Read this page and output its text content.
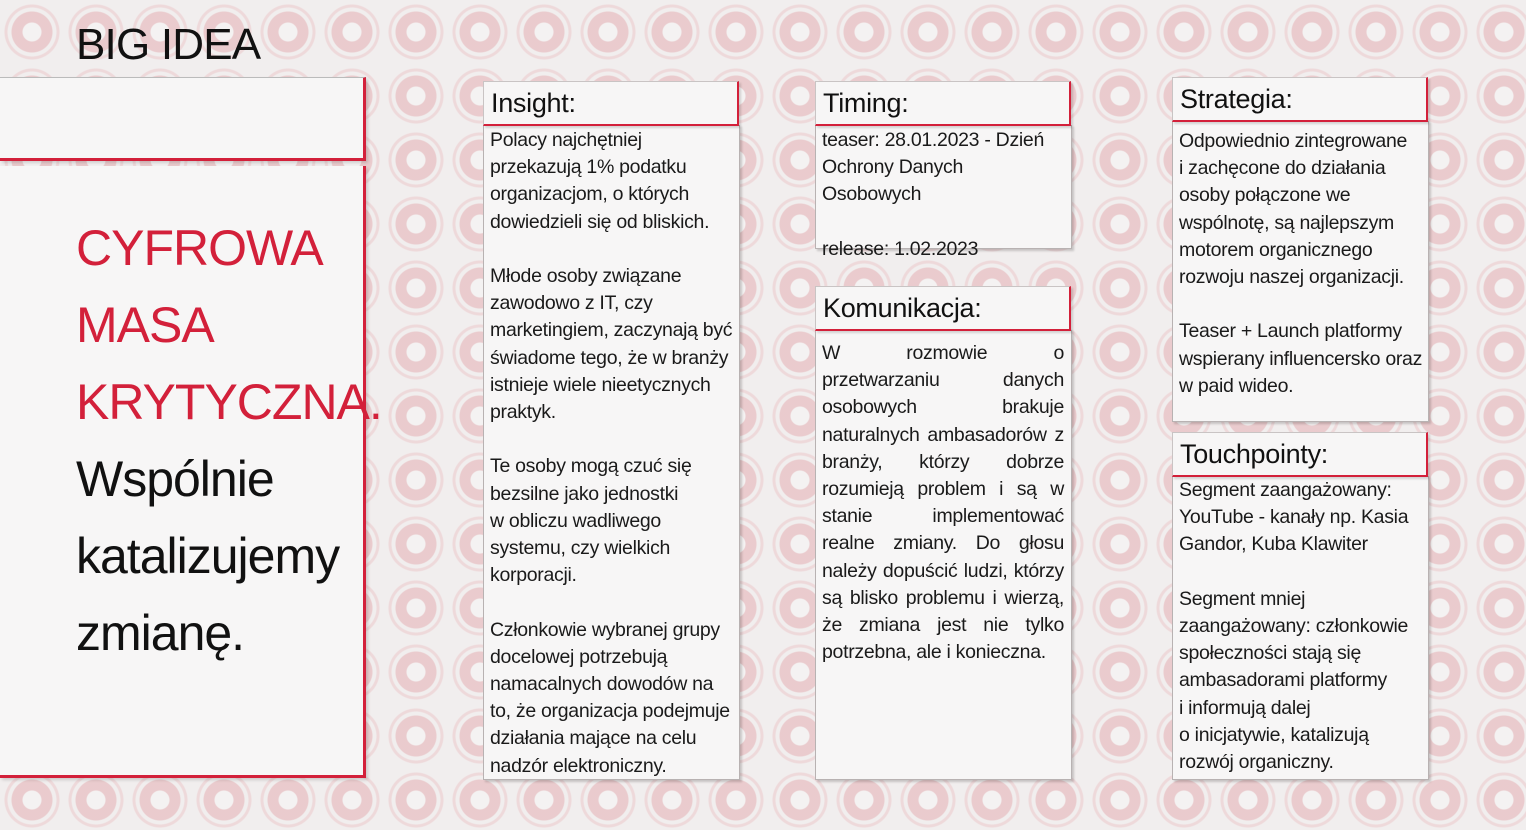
BIG IDEA
CYFROWA
MASA
KRYTYCZNA.
Wspólnie
katalizujemy
zmianę.
Insight:
Polacy najchętniej
przekazują 1% podatku
organizacjom, o których
dowiedzieli się od bliskich.

Młode osoby związane
zawodowo z IT, czy
marketingiem, zaczynają być
świadome tego, że w branży
istnieje wiele nieetycznych
praktyk.

Te osoby mogą czuć się
bezsilne jako jednostki
w obliczu wadliwego
systemu, czy wielkich
korporacji.

Członkowie wybranej grupy
docelowej potrzebują
namacalnych dowodów na
to, że organizacja podejmuje
działania mające na celu
nadzór elektroniczny.
Timing:
teaser: 28.01.2023 - Dzień
Ochrony Danych Osobowych

release: 1.02.2023
Komunikacja:
W rozmowie o przetwarzaniu danych osobowych brakuje naturalnych ambasadorów z branży, którzy dobrze rozumieją problem i są w stanie implementować realne zmiany. Do głosu należy dopuścić ludzi, którzy są blisko problemu i wierzą, że zmiana jest nie tylko potrzebna, ale i konieczna.
Strategia:
Odpowiednio zintegrowane
i zachęcone do działania
osoby połączone we
wspólnotę, są najlepszym
motorem organicznego
rozwoju naszej organizacji.

Teaser + Launch platformy
wspierany influencersko oraz
w paid wideo.
Touchpointy:
Segment zaangażowany:
YouTube - kanały np. Kasia
Gandor, Kuba Klawiter

Segment mniej
zaangażowany: członkowie
społeczności stają się
ambasadorami platformy
i informują dalej
o inicjatywie, katalizują
rozwój organiczny.
